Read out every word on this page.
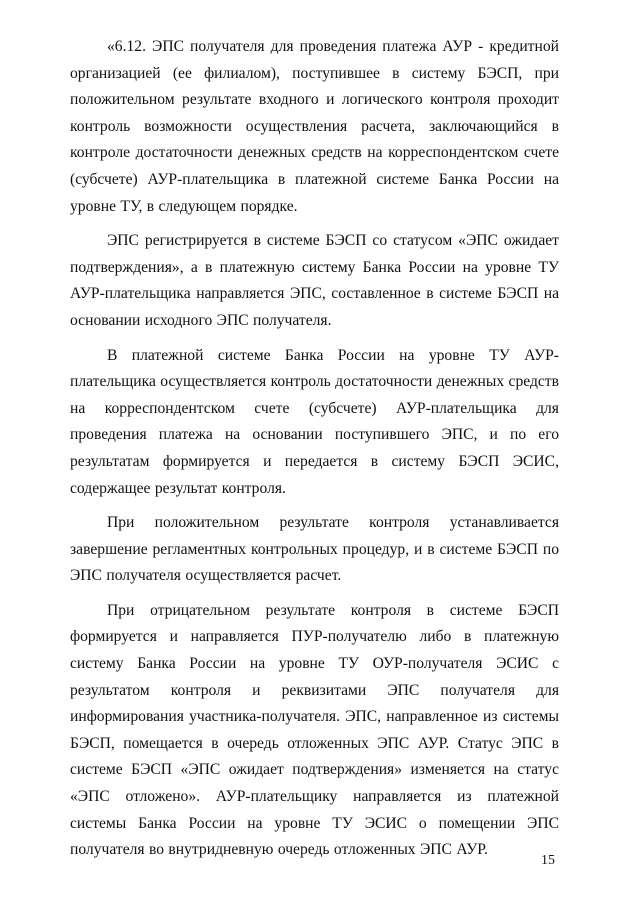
«6.12. ЭПС получателя для проведения платежа АУР - кредитной организацией (ее филиалом), поступившее в систему БЭСП, при положительном результате входного и логического контроля проходит контроль возможности осуществления расчета, заключающийся в контроле достаточности денежных средств на корреспондентском счете (субсчете) АУР-плательщика в платежной системе Банка России на уровне ТУ, в следующем порядке.

ЭПС регистрируется в системе БЭСП со статусом «ЭПС ожидает подтверждения», а в платежную систему Банка России на уровне ТУ АУР-плательщика направляется ЭПС, составленное в системе БЭСП на основании исходного ЭПС получателя.

В платежной системе Банка России на уровне ТУ АУР-плательщика осуществляется контроль достаточности денежных средств на корреспондентском счете (субсчете) АУР-плательщика для проведения платежа на основании поступившего ЭПС, и по его результатам формируется и передается в систему БЭСП ЭСИС, содержащее результат контроля.

При положительном результате контроля устанавливается завершение регламентных контрольных процедур, и в системе БЭСП по ЭПС получателя осуществляется расчет.

При отрицательном результате контроля в системе БЭСП формируется и направляется ПУР-получателю либо в платежную систему Банка России на уровне ТУ ОУР-получателя ЭСИС с результатом контроля и реквизитами ЭПС получателя для информирования участника-получателя. ЭПС, направленное из системы БЭСП, помещается в очередь отложенных ЭПС АУР. Статус ЭПС в системе БЭСП «ЭПС ожидает подтверждения» изменяется на статус «ЭПС отложено». АУР-плательщику направляется из платежной системы Банка России на уровне ТУ ЭСИС о помещении ЭПС получателя во внутридневную очередь отложенных ЭПС АУР.

15
